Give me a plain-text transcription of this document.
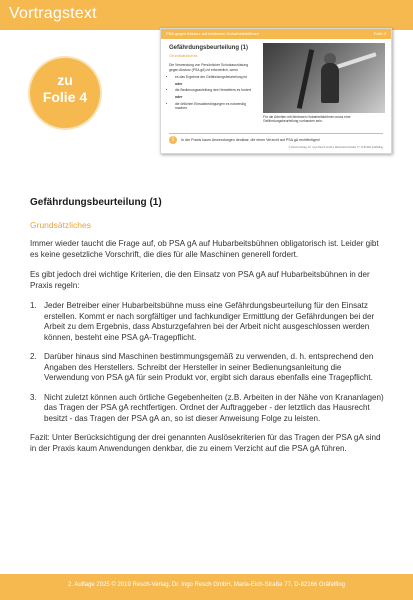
Vortragstext
zu
Folie 4
PSA gegen Absturz auf fahrbaren Hubarbeitsbühnen	Folie 4
Gefährdungsbeurteilung (1)
Grundsätzliches
Die Verwendung von Persönlicher Schutzausrüstung gegen Absturz (PSA gA) ist erforderlich, wenn
• es das Ergebnis der Gefährdungsbeurteilung ist
oder
• die Bedienungsanleitung des Herstellers es fordert
oder
• die örtlichen Einsatzbedingungen es notwendig machen.
Für die Arbeiten mit fahrbaren Hubarbeitsbühnen muss eine Gefährdungsbeurteilung vorhanden sein.
!	In der Praxis kaum Anwendungen denkbar, die einen Verzicht auf PSA gA rechtfertigen!
© Resch-Verlag, Dr. Ingo Resch GmbH, Maria-Eich-Straße 77, D-82166 Gräfelfing
Gefährdungsbeurteilung (1)
Grundsätzliches

Immer wieder taucht die Frage auf, ob PSA gA auf Hubarbeitsbühnen obligatorisch ist. Leider gibt es keine gesetzliche Vorschrift, die dies für alle Maschinen generell fordert.

Es gibt jedoch drei wichtige Kriterien, die den Einsatz von PSA gA auf Hubarbeitsbühnen in der Praxis regeln:

1. Jeder Betreiber einer Hubarbeitsbühne muss eine Gefährdungsbeurteilung für den Einsatz erstellen. Kommt er nach sorgfältiger und fachkundiger Ermittlung der Gefährdungen bei der Arbeit zu dem Ergebnis, dass Absturzgefahren bei der Arbeit nicht ausgeschlossen werden können, besteht eine PSA gA-Tragepflicht.
2. Darüber hinaus sind Maschinen bestimmungsgemäß zu verwenden, d. h. entsprechend den Angaben des Herstellers. Schreibt der Hersteller in seiner Bedienungsanleitung die Verwendung von PSA gA für sein Produkt vor, ergibt sich daraus ebenfalls eine Tragepflicht.
3. Nicht zuletzt können auch örtliche Gegebenheiten (z.B. Arbeiten in der Nähe von Krananlagen) das Tragen der PSA gA rechtfertigen. Ordnet der Auftraggeber - der letztlich das Hausrecht besitzt - das Tragen der PSA gA an, so ist dieser Anweisung Folge zu leisten.

Fazit: Unter Berücksichtigung der drei genannten Auslösekriterien für das Tragen der PSA gA sind in der Praxis kaum Anwendungen denkbar, die zu einem Verzicht auf die PSA gA führen.

2. Auflage 2025 © 2019 Resch-Verlag, Dr. Ingo Resch GmbH, Maria-Eich-Straße 77, D-82166 Gräfelfing
